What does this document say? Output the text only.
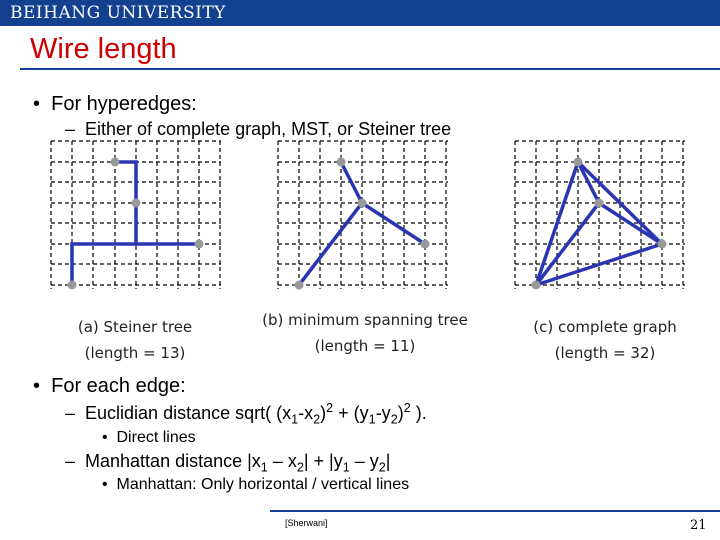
BEIHANG UNIVERSITY
Wire length
•  For hyperedges:
–  Either of complete graph, MST, or Steiner tree
(a) Steiner tree
(length = 13)
(b) minimum spanning tree
(length = 11)
(c) complete graph
(length = 32)
•  For each edge:
–  Euclidian distance sqrt( $(x_1-x_2)^2 + (y_1-y_2)^2$ ).
•  Direct lines
–  Manhattan distance $|x_1 - x_2| + |y_1 - y_2|$
•  Manhattan: Only horizontal / vertical lines
[Sherwani]	21
